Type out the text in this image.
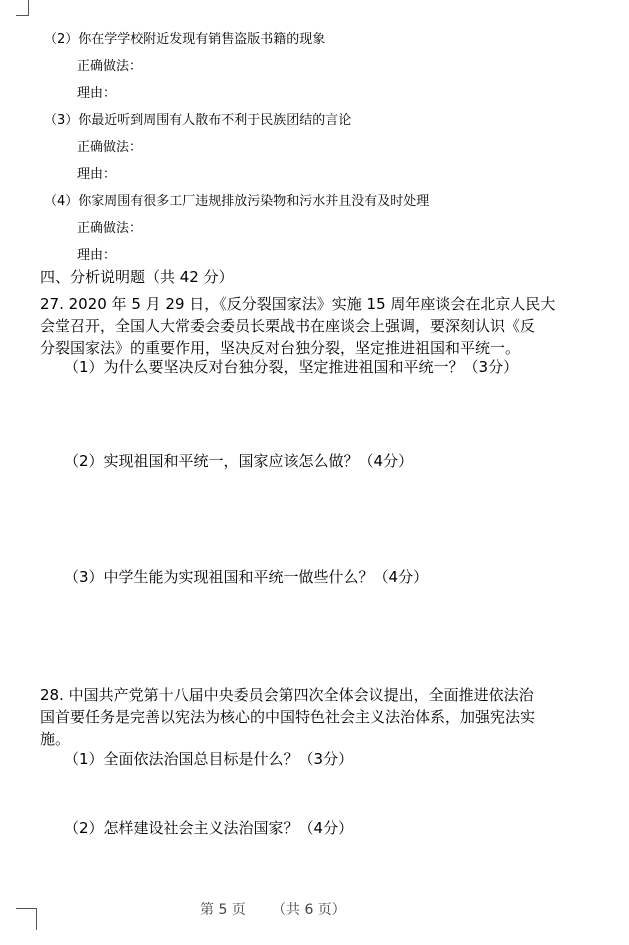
（2）你在学学校附近发现有销售盗版书籍的现象
正确做法：
理由：
（3）你最近听到周围有人散布不利于民族团结的言论
正确做法：
理由：
（4）你家周围有很多工厂违规排放污染物和污水并且没有及时处理
正确做法：
理由：
四、分析说明题（共 42 分）
27. 2020 年 5 月 29 日，《反分裂国家法》实施 15 周年座谈会在北京人民大
会堂召开，全国人大常委会委员长栗战书在座谈会上强调，要深刻认识《反
分裂国家法》的重要作用，坚决反对台独分裂，坚定推进祖国和平统一。
（1）为什么要坚决反对台独分裂，坚定推进祖国和平统一？（3分）
（2）实现祖国和平统一，国家应该怎么做？（4分）
（3）中学生能为实现祖国和平统一做些什么？（4分）
28. 中国共产党第十八届中央委员会第四次全体会议提出，全面推进依法治
国首要任务是完善以宪法为核心的中国特色社会主义法治体系，加强宪法实
施。
（1）全面依法治国总目标是什么？（3分）
（2）怎样建设社会主义法治国家？（4分）
第 5 页 （共 6 页）
